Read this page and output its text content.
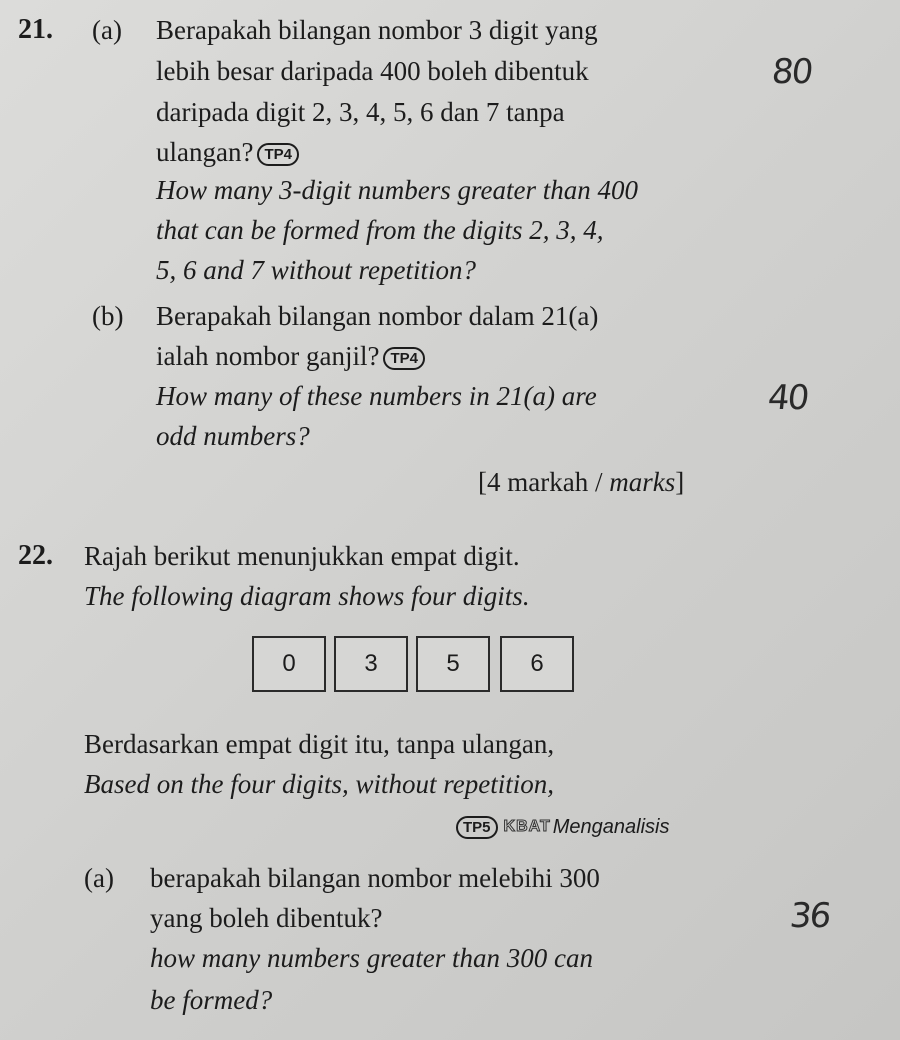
21. (a) Berapakah bilangan nombor 3 digit yang
lebih besar daripada 400 boleh dibentuk
daripada digit 2, 3, 4, 5, 6 dan 7 tanpa
ulangan? TP4
How many 3-digit numbers greater than 400
that can be formed from the digits 2, 3, 4,
5, 6 and 7 without repetition?
80
(b) Berapakah bilangan nombor dalam 21(a)
ialah nombor ganjil? TP4
How many of these numbers in 21(a) are
odd numbers?
40
[4 markah / marks]
22. Rajah berikut menunjukkan empat digit.
The following diagram shows four digits.
0	3	5	6
Berdasarkan empat digit itu, tanpa ulangan,
Based on the four digits, without repetition,
TP5 KBAT Menganalisis
(a) berapakah bilangan nombor melebihi 300
yang boleh dibentuk?
how many numbers greater than 300 can
be formed?
36
